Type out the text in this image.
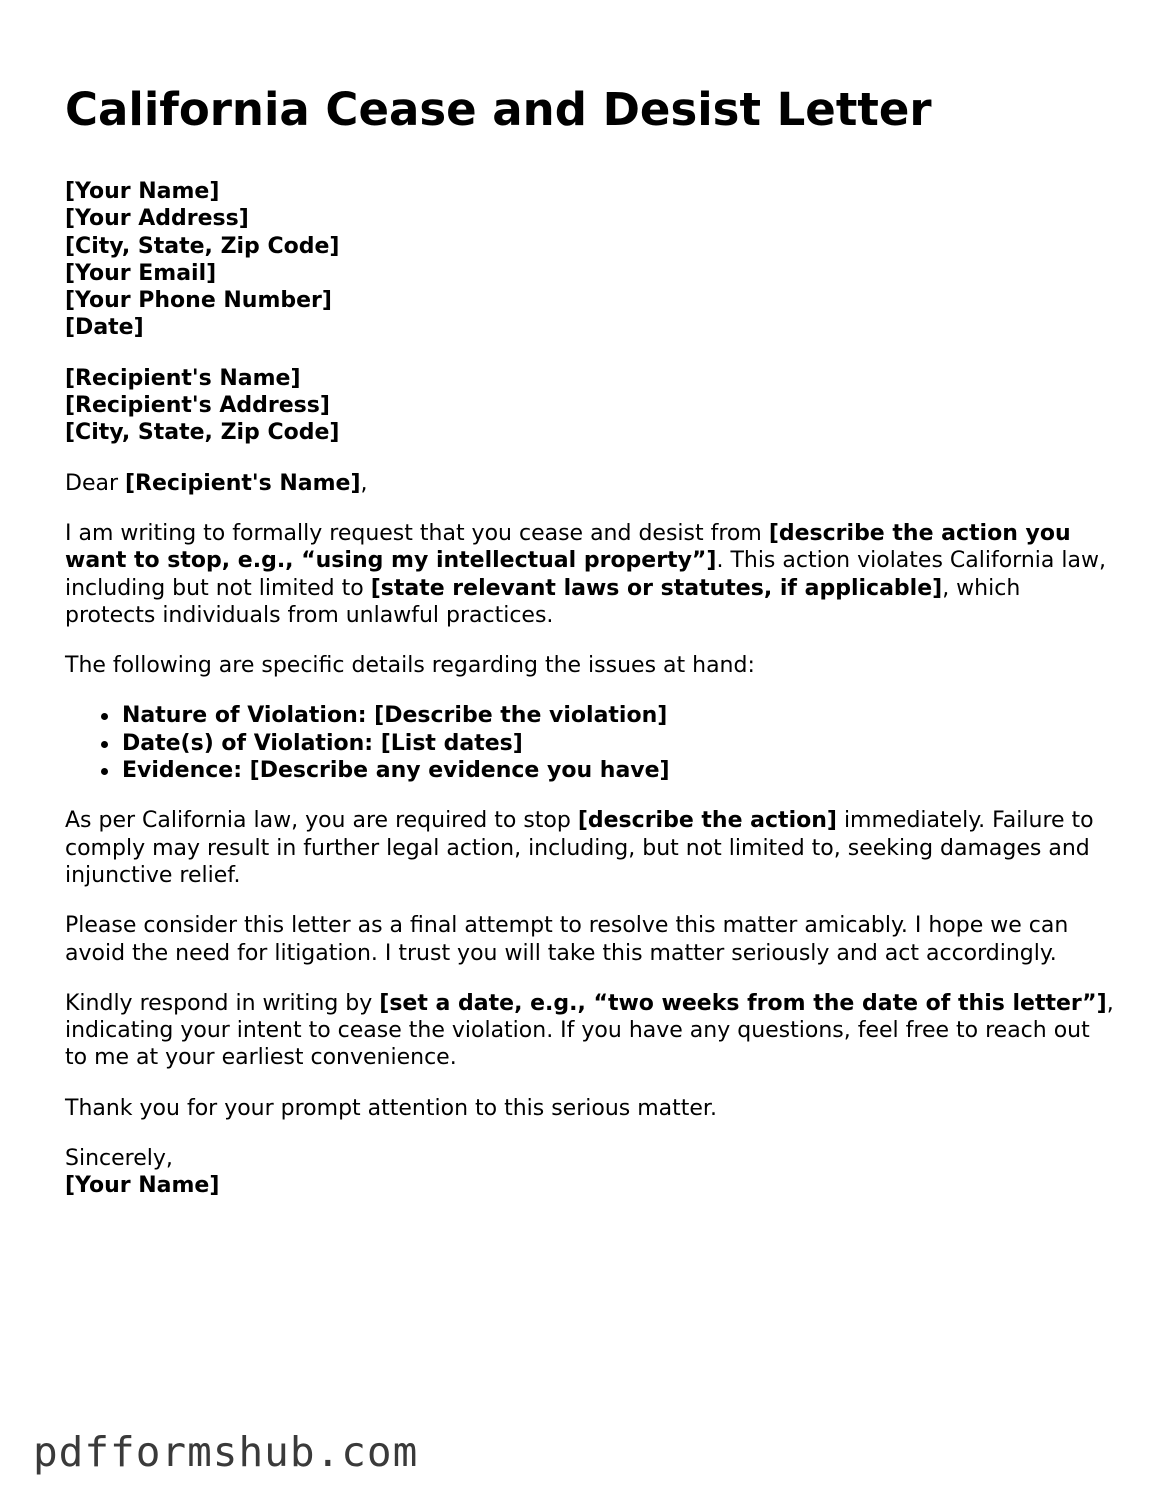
California Cease and Desist Letter
[Your Name]
[Your Address]
[City, State, Zip Code]
[Your Email]
[Your Phone Number]
[Date]
[Recipient's Name]
[Recipient's Address]
[City, State, Zip Code]

Dear [Recipient's Name],

I am writing to formally request that you cease and desist from [describe the action you want to stop, e.g., “using my intellectual property”]. This action violates California law, including but not limited to [state relevant laws or statutes, if applicable], which protects individuals from unlawful practices.

The following are specific details regarding the issues at hand:

Nature of Violation: [Describe the violation]
Date(s) of Violation: [List dates]
Evidence: [Describe any evidence you have]

As per California law, you are required to stop [describe the action] immediately. Failure to comply may result in further legal action, including, but not limited to, seeking damages and injunctive relief.

Please consider this letter as a final attempt to resolve this matter amicably. I hope we can avoid the need for litigation. I trust you will take this matter seriously and act accordingly.

Kindly respond in writing by [set a date, e.g., “two weeks from the date of this letter”], indicating your intent to cease the violation. If you have any questions, feel free to reach out to me at your earliest convenience.

Thank you for your prompt attention to this serious matter.

Sincerely,
[Your Name]
pdfformshub.com
